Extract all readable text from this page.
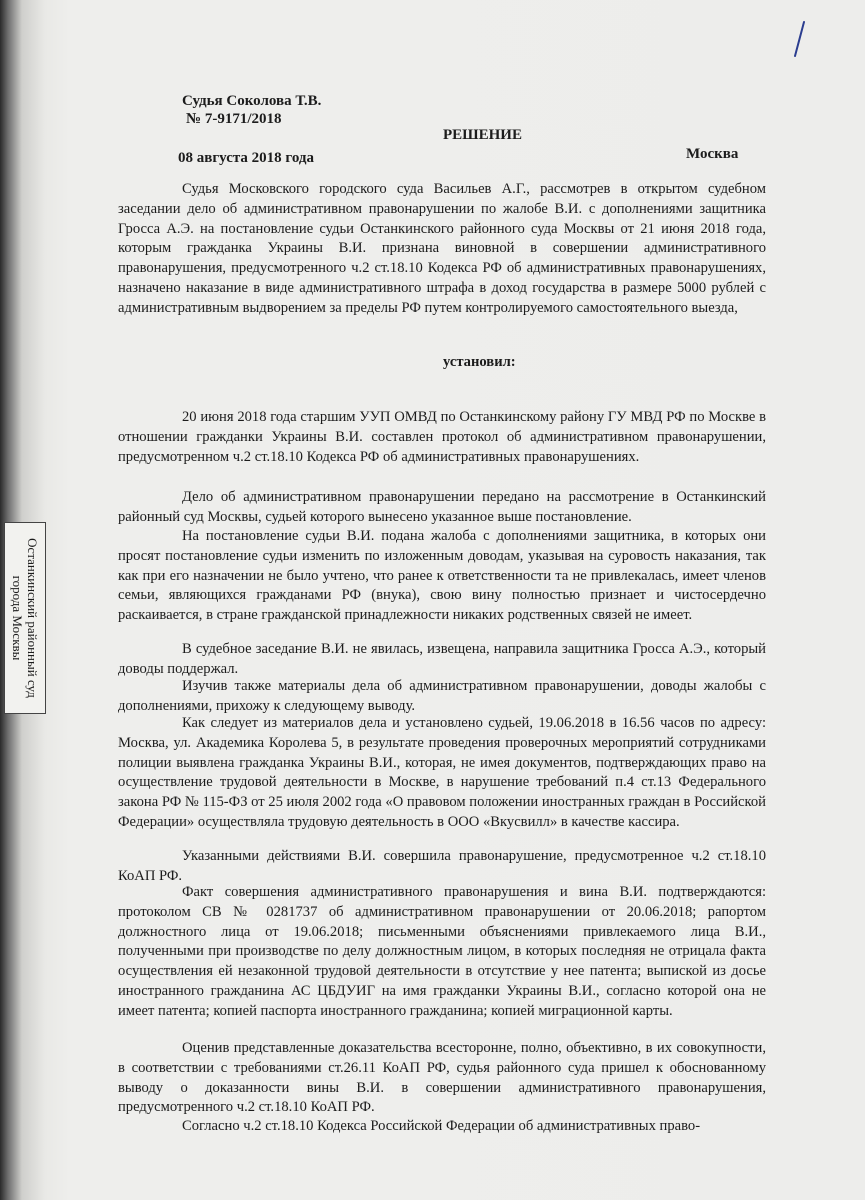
Судья Соколова Т.В.

№ 7-9171/2018

РЕШЕНИЕ

08 августа 2018 года	Москва

Судья Московского городского суда Васильев А.Г., рассмотрев в открытом судебном заседании дело об административном правонарушении по жалобе В.И. с дополнениями защитника Гросса А.Э. на постановление судьи Останкинского районного суда Москвы от 21 июня 2018 года, которым гражданка Украины В.И. признана виновной в совершении административного правонарушения, предусмотренного ч.2 ст.18.10 Кодекса РФ об административных правонарушениях, назначено наказание в виде административного штрафа в доход государства в размере 5000 рублей с административным выдворением за пределы РФ путем контролируемого самостоятельного выезда,

установил:

20 июня 2018 года старшим УУП ОМВД по Останкинскому району ГУ МВД РФ по Москве в отношении гражданки Украины В.И. составлен протокол об административном правонарушении, предусмотренном ч.2 ст.18.10 Кодекса РФ об административных правонарушениях.

Дело об административном правонарушении передано на рассмотрение в Останкинский районный суд Москвы, судьей которого вынесено указанное выше постановление.

На постановление судьи В.И. подана жалоба с дополнениями защитника, в которых они просят постановление судьи изменить по изложенным доводам, указывая на суровость наказания, так как при его назначении не было учтено, что ранее к ответственности та не привлекалась, имеет членов семьи, являющихся гражданами РФ (внука), свою вину полностью признает и чистосердечно раскаивается, в стране гражданской принадлежности никаких родственных связей не имеет.

В судебное заседание В.И. не явилась, извещена, направила защитника Гросса А.Э., который доводы поддержал.

Изучив также материалы дела об административном правонарушении, доводы жалобы с дополнениями, прихожу к следующему выводу.

Как следует из материалов дела и установлено судьей, 19.06.2018 в 16.56 часов по адресу: Москва, ул. Академика Королева 5, в результате проведения проверочных мероприятий сотрудниками полиции выявлена гражданка Украины В.И., которая, не имея документов, подтверждающих право на осуществление трудовой деятельности в Москве, в нарушение требований п.4 ст.13 Федерального закона РФ № 115-ФЗ от 25 июля 2002 года «О правовом положении иностранных граждан в Российской Федерации» осуществляла трудовую деятельность в ООО «Вкусвилл» в качестве кассира.

Указанными действиями В.И. совершила правонарушение, предусмотренное ч.2 ст.18.10 КоАП РФ.

Факт совершения административного правонарушения и вина В.И. подтверждаются: протоколом СВ № 0281737 об административном правонарушении от 20.06.2018; рапортом должностного лица от 19.06.2018; письменными объяснениями привлекаемого лица В.И., полученными при производстве по делу должностным лицом, в которых последняя не отрицала факта осуществления ей незаконной трудовой деятельности в отсутствие у нее патента; выпиской из досье иностранного гражданина АС ЦБДУИГ на имя гражданки Украины В.И., согласно которой она не имеет патента; копией паспорта иностранного гражданина; копией миграционной карты.

Оценив представленные доказательства всесторонне, полно, объективно, в их совокупности, в соответствии с требованиями ст.26.11 КоАП РФ, судья районного суда пришел к обоснованному выводу о доказанности вины В.И. в совершении административного правонарушения, предусмотренного ч.2 ст.18.10 КоАП РФ.

Согласно ч.2 ст.18.10 Кодекса Российской Федерации об административных право-

Останкинский районный суд города Москвы
